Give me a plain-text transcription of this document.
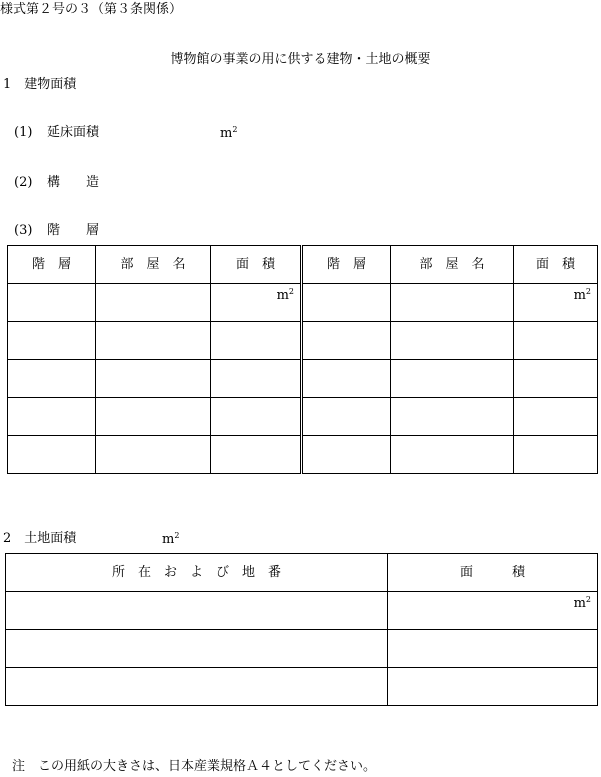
様式第２号の３（第３条関係）
博物館の事業の用に供する建物・土地の概要
1　建物面積
(1) 延床面積	$m^2$
(2) 構　　造
(3) 階　　層
階　層	部　屋　名	面　積	階　層	部　屋　名	面　積
		$m^2$			$m^2$

2　土地面積	$m^2$
所　在　お　よ　び　地　番	面　　　積
	$m^2$

注　この用紙の大きさは、日本産業規格Ａ４としてください。
